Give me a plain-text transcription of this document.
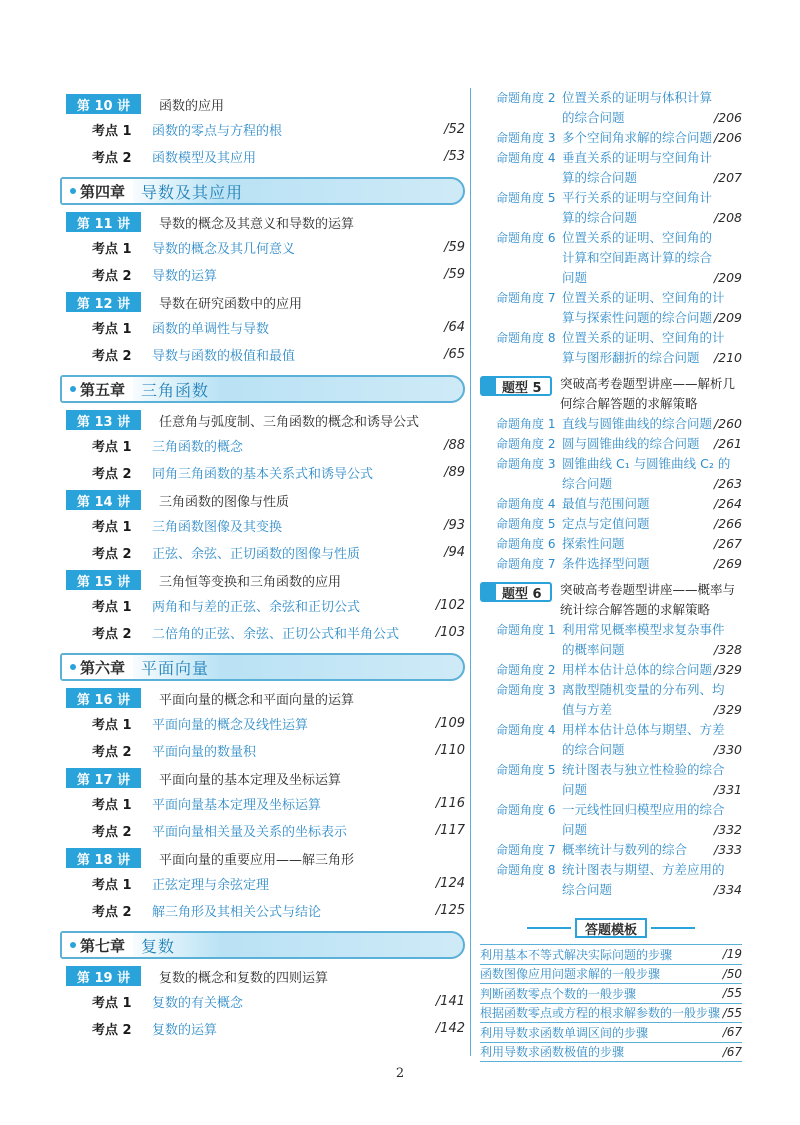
第 10 讲	函数的应用
考点 1	函数的零点与方程的根	/52
考点 2	函数模型及其应用	/53
第四章	导数及其应用
第 11 讲	导数的概念及其意义和导数的运算
考点 1	导数的概念及其几何意义	/59
考点 2	导数的运算	/59
第 12 讲	导数在研究函数中的应用
考点 1	函数的单调性与导数	/64
考点 2	导数与函数的极值和最值	/65
第五章	三角函数
第 13 讲	任意角与弧度制、三角函数的概念和诱导公式
考点 1	三角函数的概念	/88
考点 2	同角三角函数的基本关系式和诱导公式	/89
第 14 讲	三角函数的图像与性质
考点 1	三角函数图像及其变换	/93
考点 2	正弦、余弦、正切函数的图像与性质	/94
第 15 讲	三角恒等变换和三角函数的应用
考点 1	两角和与差的正弦、余弦和正切公式	/102
考点 2	二倍角的正弦、余弦、正切公式和半角公式	/103
第六章	平面向量
第 16 讲	平面向量的概念和平面向量的运算
考点 1	平面向量的概念及线性运算	/109
考点 2	平面向量的数量积	/110
第 17 讲	平面向量的基本定理及坐标运算
考点 1	平面向量基本定理及坐标运算	/116
考点 2	平面向量相关量及关系的坐标表示	/117
第 18 讲	平面向量的重要应用——解三角形
考点 1	正弦定理与余弦定理	/124
考点 2	解三角形及其相关公式与结论	/125
第七章	复数
第 19 讲	复数的概念和复数的四则运算
考点 1	复数的有关概念	/141
考点 2	复数的运算	/142
命题角度 2 位置关系的证明与体积计算
的综合问题	/206
命题角度 3 多个空间角求解的综合问题 /206
命题角度 4 垂直关系的证明与空间角计
算的综合问题	/207
命题角度 5 平行关系的证明与空间角计
算的综合问题	/208
命题角度 6 位置关系的证明、空间角的
计算和空间距离计算的综合
问题	/209
命题角度 7 位置关系的证明、空间角的计
算与探索性问题的综合问题 /209
命题角度 8 位置关系的证明、空间角的计
算与图形翻折的综合问题 /210
题型 5	突破高考卷题型讲座——解析几何综合解答题的求解策略
命题角度 1 直线与圆锥曲线的综合问题 /260
命题角度 2 圆与圆锥曲线的综合问题 /261
命题角度 3 圆锥曲线 C₁ 与圆锥曲线 C₂ 的
综合问题	/263
命题角度 4 最值与范围问题	/264
命题角度 5 定点与定值问题	/266
命题角度 6 探索性问题	/267
命题角度 7 条件选择型问题	/269
题型 6	突破高考卷题型讲座——概率与统计综合解答题的求解策略
命题角度 1 利用常见概率模型求复杂事件
的概率问题	/328
命题角度 2 用样本估计总体的综合问题 /329
命题角度 3 离散型随机变量的分布列、均
值与方差	/329
命题角度 4 用样本估计总体与期望、方差
的综合问题	/330
命题角度 5 统计图表与独立性检验的综合
问题	/331
命题角度 6 一元线性回归模型应用的综合
问题	/332
命题角度 7 概率统计与数列的综合 /333
命题角度 8 统计图表与期望、方差应用的
综合问题	/334
答题模板
利用基本不等式解决实际问题的步骤	/19
函数图像应用问题求解的一般步骤	/50
判断函数零点个数的一般步骤	/55
根据函数零点或方程的根求解参数的一般步骤 /55
利用导数求函数单调区间的步骤	/67
利用导数求函数极值的步骤	/67
2
